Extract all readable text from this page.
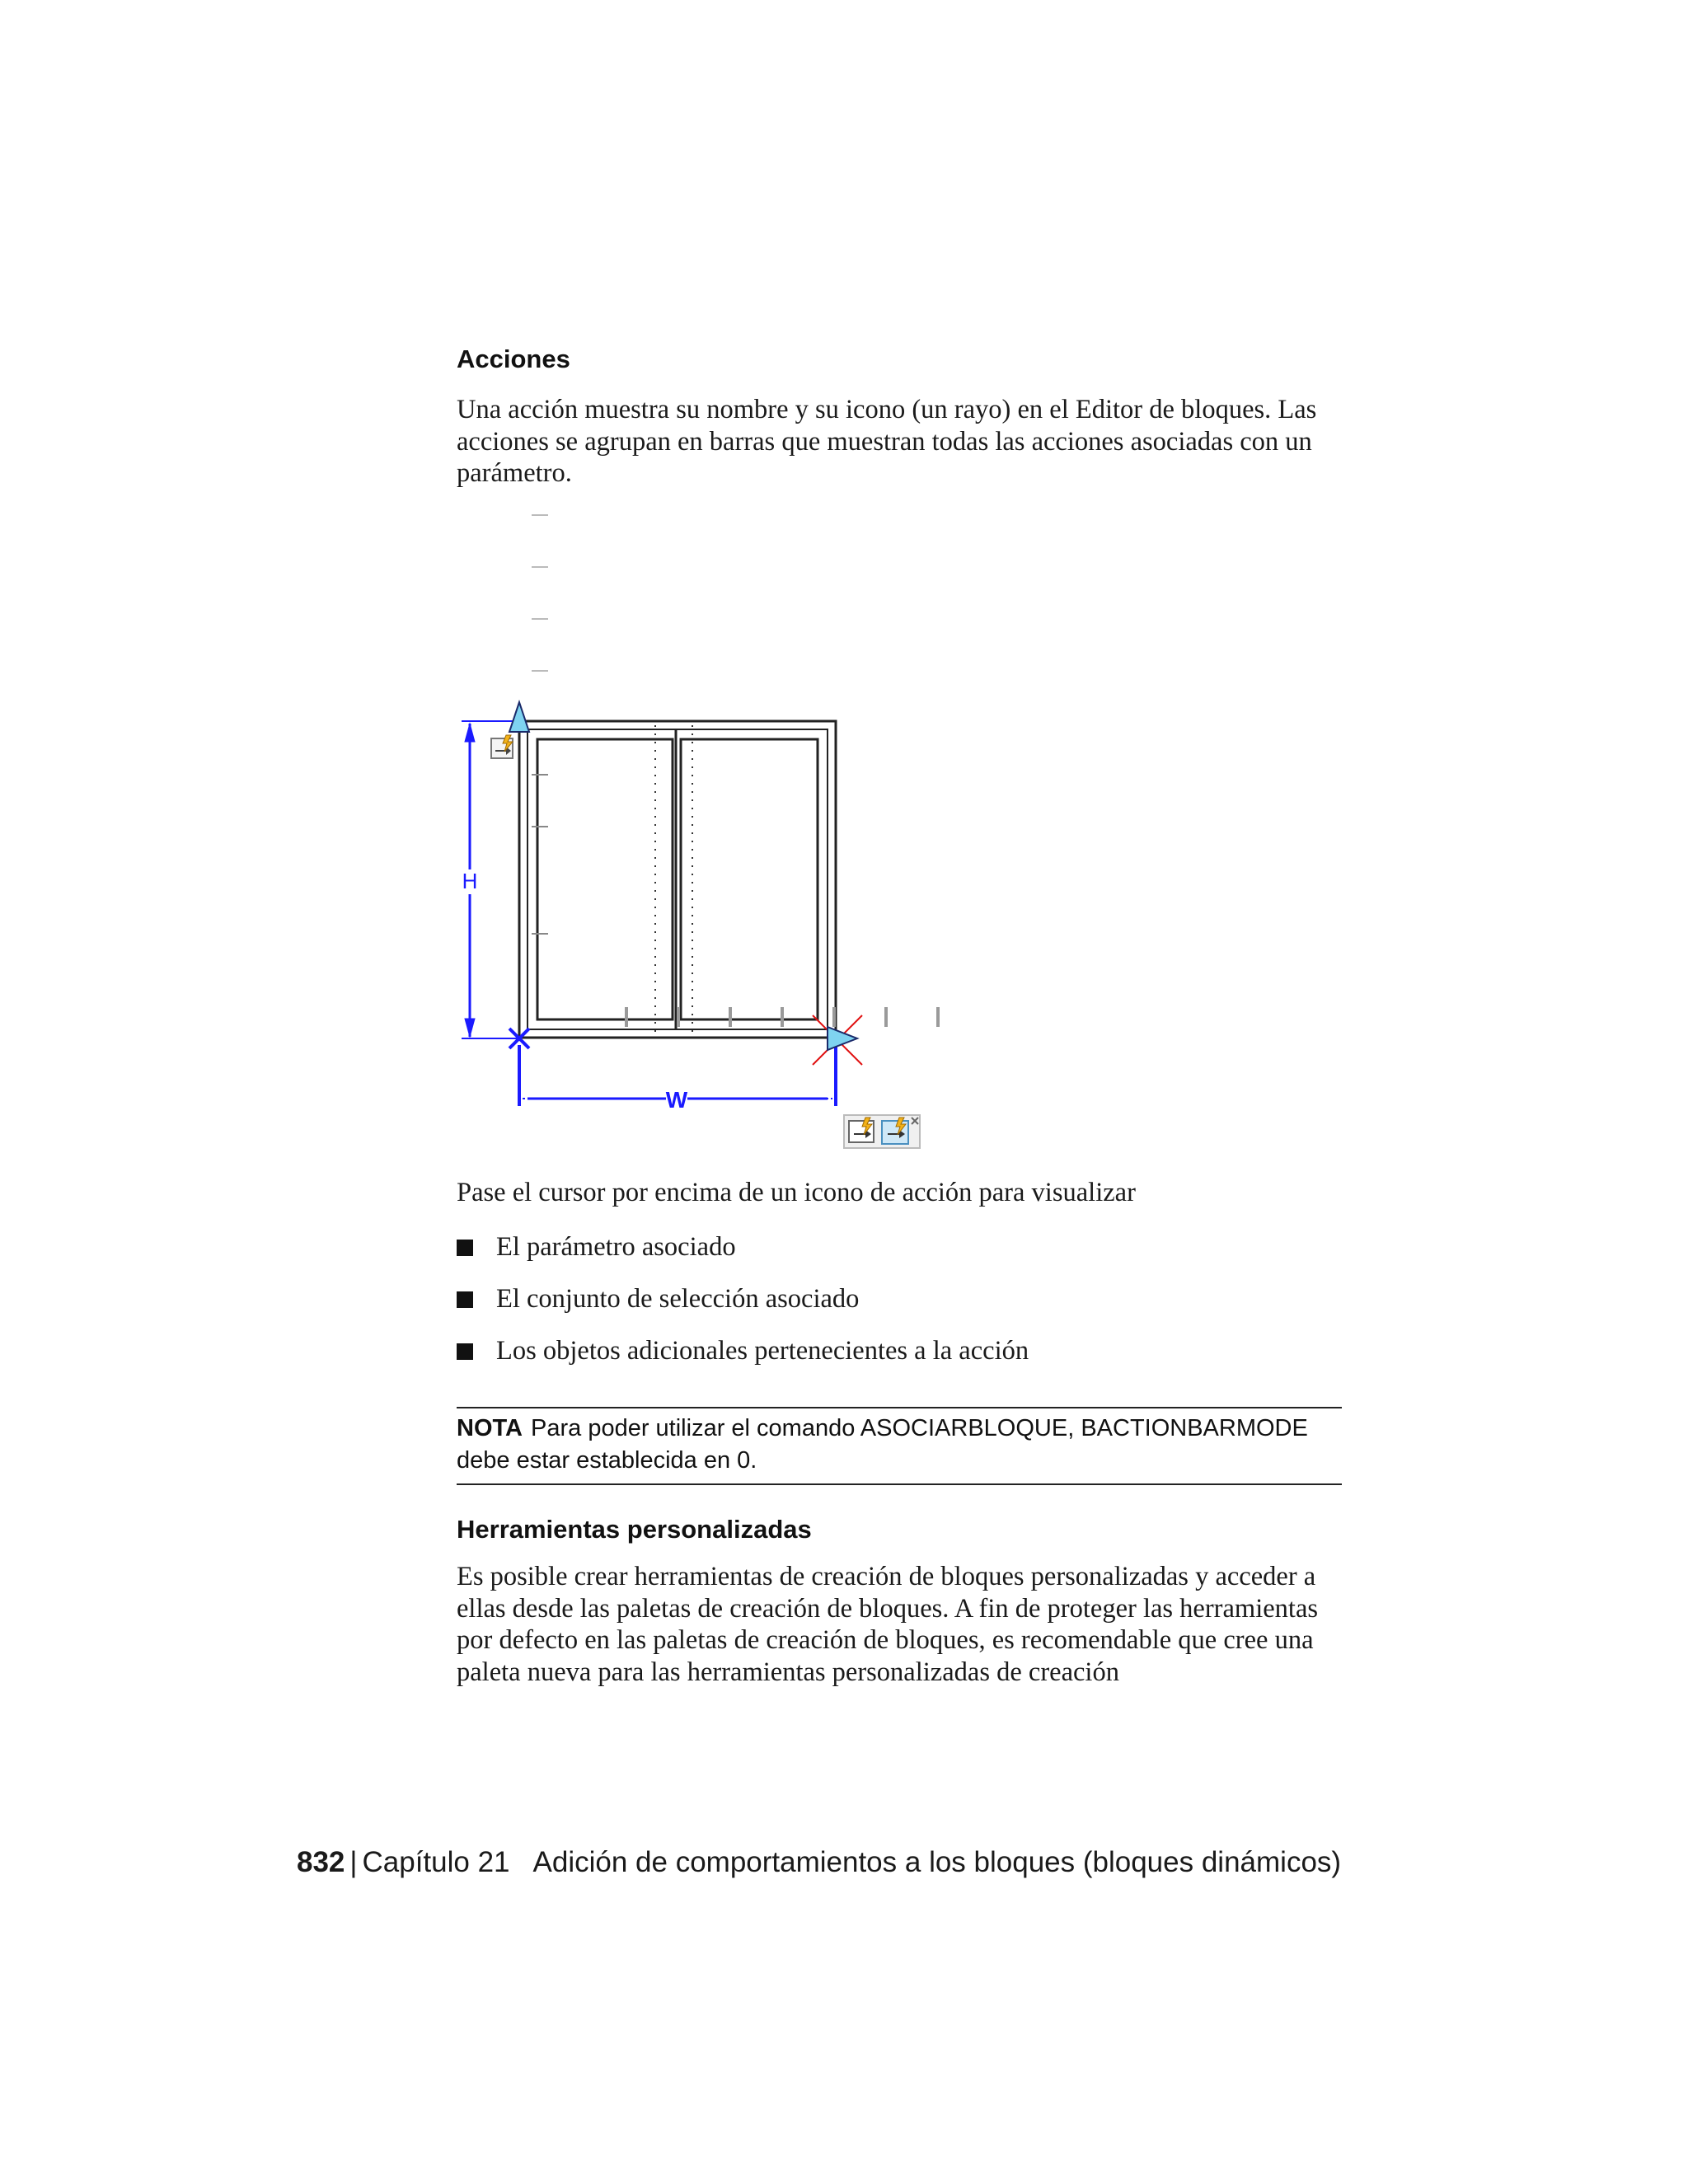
Acciones

Una acción muestra su nombre y su icono (un rayo) en el Editor de bloques. Las acciones se agrupan en barras que muestran todas las acciones asociadas con un parámetro.

H
W

Pase el cursor por encima de un icono de acción para visualizar

El parámetro asociado
El conjunto de selección asociado
Los objetos adicionales pertenecientes a la acción
NOTA Para poder utilizar el comando ASOCIARBLOQUE, BACTIONBARMODE debe estar establecida en 0.
Herramientas personalizadas

Es posible crear herramientas de creación de bloques personalizadas y acceder a ellas desde las paletas de creación de bloques. A fin de proteger las herramientas por defecto en las paletas de creación de bloques, es recomendable que cree una paleta nueva para las herramientas personalizadas de creación

832 | Capítulo 21 Adición de comportamientos a los bloques (bloques dinámicos)
